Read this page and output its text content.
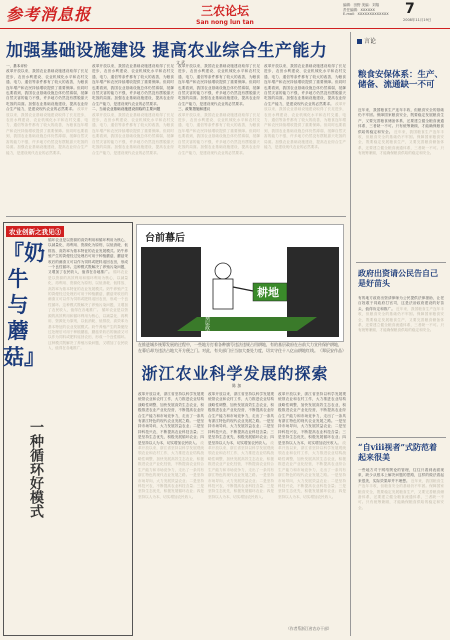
参考消息报	三农论坛
San nong lun tan
编辑：田野 美编：刘翔
责任编辑：XXXXXX
E-mail：XXXXXXXXXXXXX	7
2008年11月19日
加强基础设施建设 提高农业综合生产能力
文 武
一、基本评价
改革开放以来，我国农业基础设施建设取得了长足进步，农田水利建设、农业机械化水平和农村交通、电力、通信等条件都有了较大的改善，为粮食连年增产和农民持续增收提供了重要保障。但同时也要看到，我国农业基础设施总体仍然薄弱，抵御自然灾害的能力不强，许多地方仍然没有摆脱靠天吃饭的局面。加强农业基础设施建设，提高农业综合生产能力，是建设现代农业的必然要求。 改革开放以来，我国农业基础设施建设取得了长足进步，农田水利建设、农业机械化水平和农村交通、电力、通信等条件都有了较大的改善，为粮食连年增产和农民持续增收提供了重要保障。但同时也要看到，我国农业基础设施总体仍然薄弱，抵御自然灾害的能力不强，许多地方仍然没有摆脱靠天吃饭的局面。加强农业基础设施建设，提高农业综合生产能力，是建设现代农业的必然要求。
改革开放以来，我国农业基础设施建设取得了长足进步，农田水利建设、农业机械化水平和农村交通、电力、通信等条件都有了较大的改善，为粮食连年增产和农民持续增收提供了重要保障。但同时也要看到，我国农业基础设施总体仍然薄弱，抵御自然灾害的能力不强，许多地方仍然没有摆脱靠天吃饭的局面。加强农业基础设施建设，提高农业综合生产能力，是建设现代农业的必然要求。
二、当前农业基础设施建设面临的主要问题
改革开放以来，我国农业基础设施建设取得了长足进步，农田水利建设、农业机械化水平和农村交通、电力、通信等条件都有了较大的改善，为粮食连年增产和农民持续增收提供了重要保障。但同时也要看到，我国农业基础设施总体仍然薄弱，抵御自然灾害的能力不强，许多地方仍然没有摆脱靠天吃饭的局面。加强农业基础设施建设，提高农业综合生产能力，是建设现代农业的必然要求。
改革开放以来，我国农业基础设施建设取得了长足进步，农田水利建设、农业机械化水平和农村交通、电力、通信等条件都有了较大的改善，为粮食连年增产和农民持续增收提供了重要保障。但同时也要看到，我国农业基础设施总体仍然薄弱，抵御自然灾害的能力不强，许多地方仍然没有摆脱靠天吃饭的局面。加强农业基础设施建设，提高农业综合生产能力，是建设现代农业的必然要求。
三、政策措施和建议
改革开放以来，我国农业基础设施建设取得了长足进步，农田水利建设、农业机械化水平和农村交通、电力、通信等条件都有了较大的改善，为粮食连年增产和农民持续增收提供了重要保障。但同时也要看到，我国农业基础设施总体仍然薄弱，抵御自然灾害的能力不强，许多地方仍然没有摆脱靠天吃饭的局面。加强农业基础设施建设，提高农业综合生产能力，是建设现代农业的必然要求。
改革开放以来，我国农业基础设施建设取得了长足进步，农田水利建设、农业机械化水平和农村交通、电力、通信等条件都有了较大的改善，为粮食连年增产和农民持续增收提供了重要保障。但同时也要看到，我国农业基础设施总体仍然薄弱，抵御自然灾害的能力不强，许多地方仍然没有摆脱靠天吃饭的局面。加强农业基础设施建设，提高农业综合生产能力，是建设现代农业的必然要求。 改革开放以来，我国农业基础设施建设取得了长足进步，农田水利建设、农业机械化水平和农村交通、电力、通信等条件都有了较大的改善，为粮食连年增产和农民持续增收提供了重要保障。但同时也要看到，我国农业基础设施总体仍然薄弱，抵御自然灾害的能力不强，许多地方仍然没有摆脱靠天吃饭的局面。加强农业基础设施建设，提高农业综合生产能力，是建设现代农业的必然要求。
言论
粮食安保体系：生产、储备、流通缺一不可
近年来，我国粮食生产连年丰收，但粮食安全的基础仍不牢固。保障国家粮食安全，既要稳定发展粮食生产，又要完善粮食储备体系，还要建立健全粮食流通体系，三者缺一不可。只有统筹兼顾，才能确保粮食供给的稳定和安全。 近年来，我国粮食生产连年丰收，但粮食安全的基础仍不牢固。保障国家粮食安全，既要稳定发展粮食生产，又要完善粮食储备体系，还要建立健全粮食流通体系，三者缺一不可。只有统筹兼顾，才能确保粮食供给的稳定和安全。
政府出资请公民告自己是好苗头
有的地方政府出资请律师为公民提供法律援助，让老百姓敢于同政府打官司，这是法治政府建设的好苗头，值得肯定和推广。 近年来，我国粮食生产连年丰收，但粮食安全的基础仍不牢固。保障国家粮食安全，既要稳定发展粮食生产，又要完善粮食储备体系，还要建立健全粮食流通体系，三者缺一不可。只有统筹兼顾，才能确保粮食供给的稳定和安全。
“自viii视者”式防范着起来很美
一些地方对于网络舆论的管理，往往只看到表面现象，缺少从根本上解决问题的思路，这样的做法看起来很美，实际效果却并不理想。 近年来，我国粮食生产连年丰收，但粮食安全的基础仍不牢固。保障国家粮食安全，既要稳定发展粮食生产，又要完善粮食储备体系，还要建立健全粮食流通体系，三者缺一不可。只有统筹兼顾，才能确保粮食供给的稳定和安全。
农业创新之我见③
『奶牛与蘑菇』
一种循环好模式
循环农业是以资源的高效利用和循环利用为核心，以减量化、再利用、资源化为原则，以低消耗、低排放、高效率为基本特征的农业发展模式。奶牛养殖产生的粪便经过处理后可用于种植蘑菇，蘑菇采收后的菌渣又可以作为饲料或肥料返回农田，形成一个良性循环。这种模式既解决了养殖污染问题，又增加了农民收入，值得在各地推广。 循环农业是以资源的高效利用和循环利用为核心，以减量化、再利用、资源化为原则，以低消耗、低排放、高效率为基本特征的农业发展模式。奶牛养殖产生的粪便经过处理后可用于种植蘑菇，蘑菇采收后的菌渣又可以作为饲料或肥料返回农田，形成一个良性循环。这种模式既解决了养殖污染问题，又增加了农民收入，值得在各地推广。 循环农业是以资源的高效利用和循环利用为核心，以减量化、再利用、资源化为原则，以低消耗、低排放、高效率为基本特征的农业发展模式。奶牛养殖产生的粪便经过处理后可用于种植蘑菇，蘑菇采收后的菌渣又可以作为饲料或肥料返回农田，形成一个良性循环。这种模式既解决了养殖污染问题，又增加了农民收入，值得在各地推广。
台前幕后
耕地
基层政府
在推进城乡统筹发展的过程中，一些地方打着各种旗号违法违规占用耕地，有的基层政府在台前大力宣传保护耕地，在幕后却为违法占地大开方便之门。对此，有关部门应当加大查处力度，切实守住十八亿亩耕地红线。（郑辰安作品）
浙江农业科学发展的探索
陈 加
改革开放以来，浙江省坚持以科学发展观统领农业和农村工作，大力推进农业结构战略性调整，加快发展高效生态农业，积极推进农业产业化经营，不断提高农业综合生产能力和市场竞争力，走出了一条具有浙江特色的现代农业发展之路。一是坚持市场导向，大力发展效益农业；二是坚持科技兴农，不断提高农业科技含量；三是坚持生态优先，积极发展循环农业；四是坚持以人为本，切实增加农民收入。 改革开放以来，浙江省坚持以科学发展观统领农业和农村工作，大力推进农业结构战略性调整，加快发展高效生态农业，积极推进农业产业化经营，不断提高农业综合生产能力和市场竞争力，走出了一条具有浙江特色的现代农业发展之路。一是坚持市场导向，大力发展效益农业；二是坚持科技兴农，不断提高农业科技含量；三是坚持生态优先，积极发展循环农业；四是坚持以人为本，切实增加农民收入。
改革开放以来，浙江省坚持以科学发展观统领农业和农村工作，大力推进农业结构战略性调整，加快发展高效生态农业，积极推进农业产业化经营，不断提高农业综合生产能力和市场竞争力，走出了一条具有浙江特色的现代农业发展之路。一是坚持市场导向，大力发展效益农业；二是坚持科技兴农，不断提高农业科技含量；三是坚持生态优先，积极发展循环农业；四是坚持以人为本，切实增加农民收入。 改革开放以来，浙江省坚持以科学发展观统领农业和农村工作，大力推进农业结构战略性调整，加快发展高效生态农业，积极推进农业产业化经营，不断提高农业综合生产能力和市场竞争力，走出了一条具有浙江特色的现代农业发展之路。一是坚持市场导向，大力发展效益农业；二是坚持科技兴农，不断提高农业科技含量；三是坚持生态优先，积极发展循环农业；四是坚持以人为本，切实增加农民收入。
改革开放以来，浙江省坚持以科学发展观统领农业和农村工作，大力推进农业结构战略性调整，加快发展高效生态农业，积极推进农业产业化经营，不断提高农业综合生产能力和市场竞争力，走出了一条具有浙江特色的现代农业发展之路。一是坚持市场导向，大力发展效益农业；二是坚持科技兴农，不断提高农业科技含量；三是坚持生态优先，积极发展循环农业；四是坚持以人为本，切实增加农民收入。 改革开放以来，浙江省坚持以科学发展观统领农业和农村工作，大力推进农业结构战略性调整，加快发展高效生态农业，积极推进农业产业化经营，不断提高农业综合生产能力和市场竞争力，走出了一条具有浙江特色的现代农业发展之路。一是坚持市场导向，大力发展效益农业；二是坚持科技兴农，不断提高农业科技含量；三是坚持生态优先，积极发展循环农业；四是坚持以人为本，切实增加农民收入。
（作者系浙江省农办干部）
